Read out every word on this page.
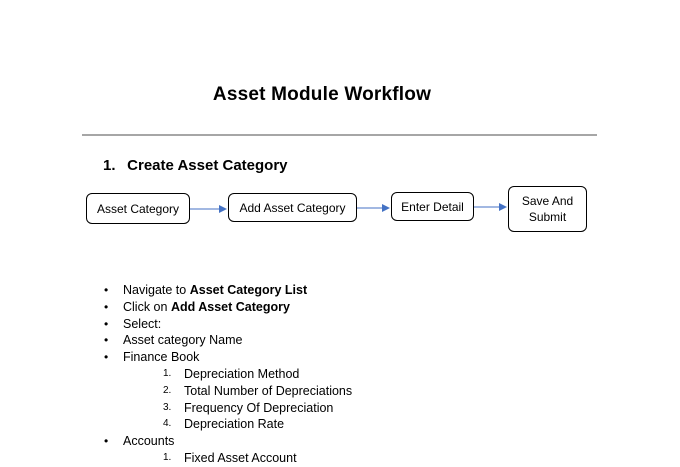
Asset Module Workflow
1. Create Asset Category
Asset Category	Add Asset Category	Enter Detail	Save And Submit
• Navigate to Asset Category List
• Click on Add Asset Category
• Select:
• Asset category Name
• Finance Book
1. Depreciation Method
2. Total Number of Depreciations
3. Frequency Of Depreciation
4. Depreciation Rate
• Accounts
1. Fixed Asset Account
